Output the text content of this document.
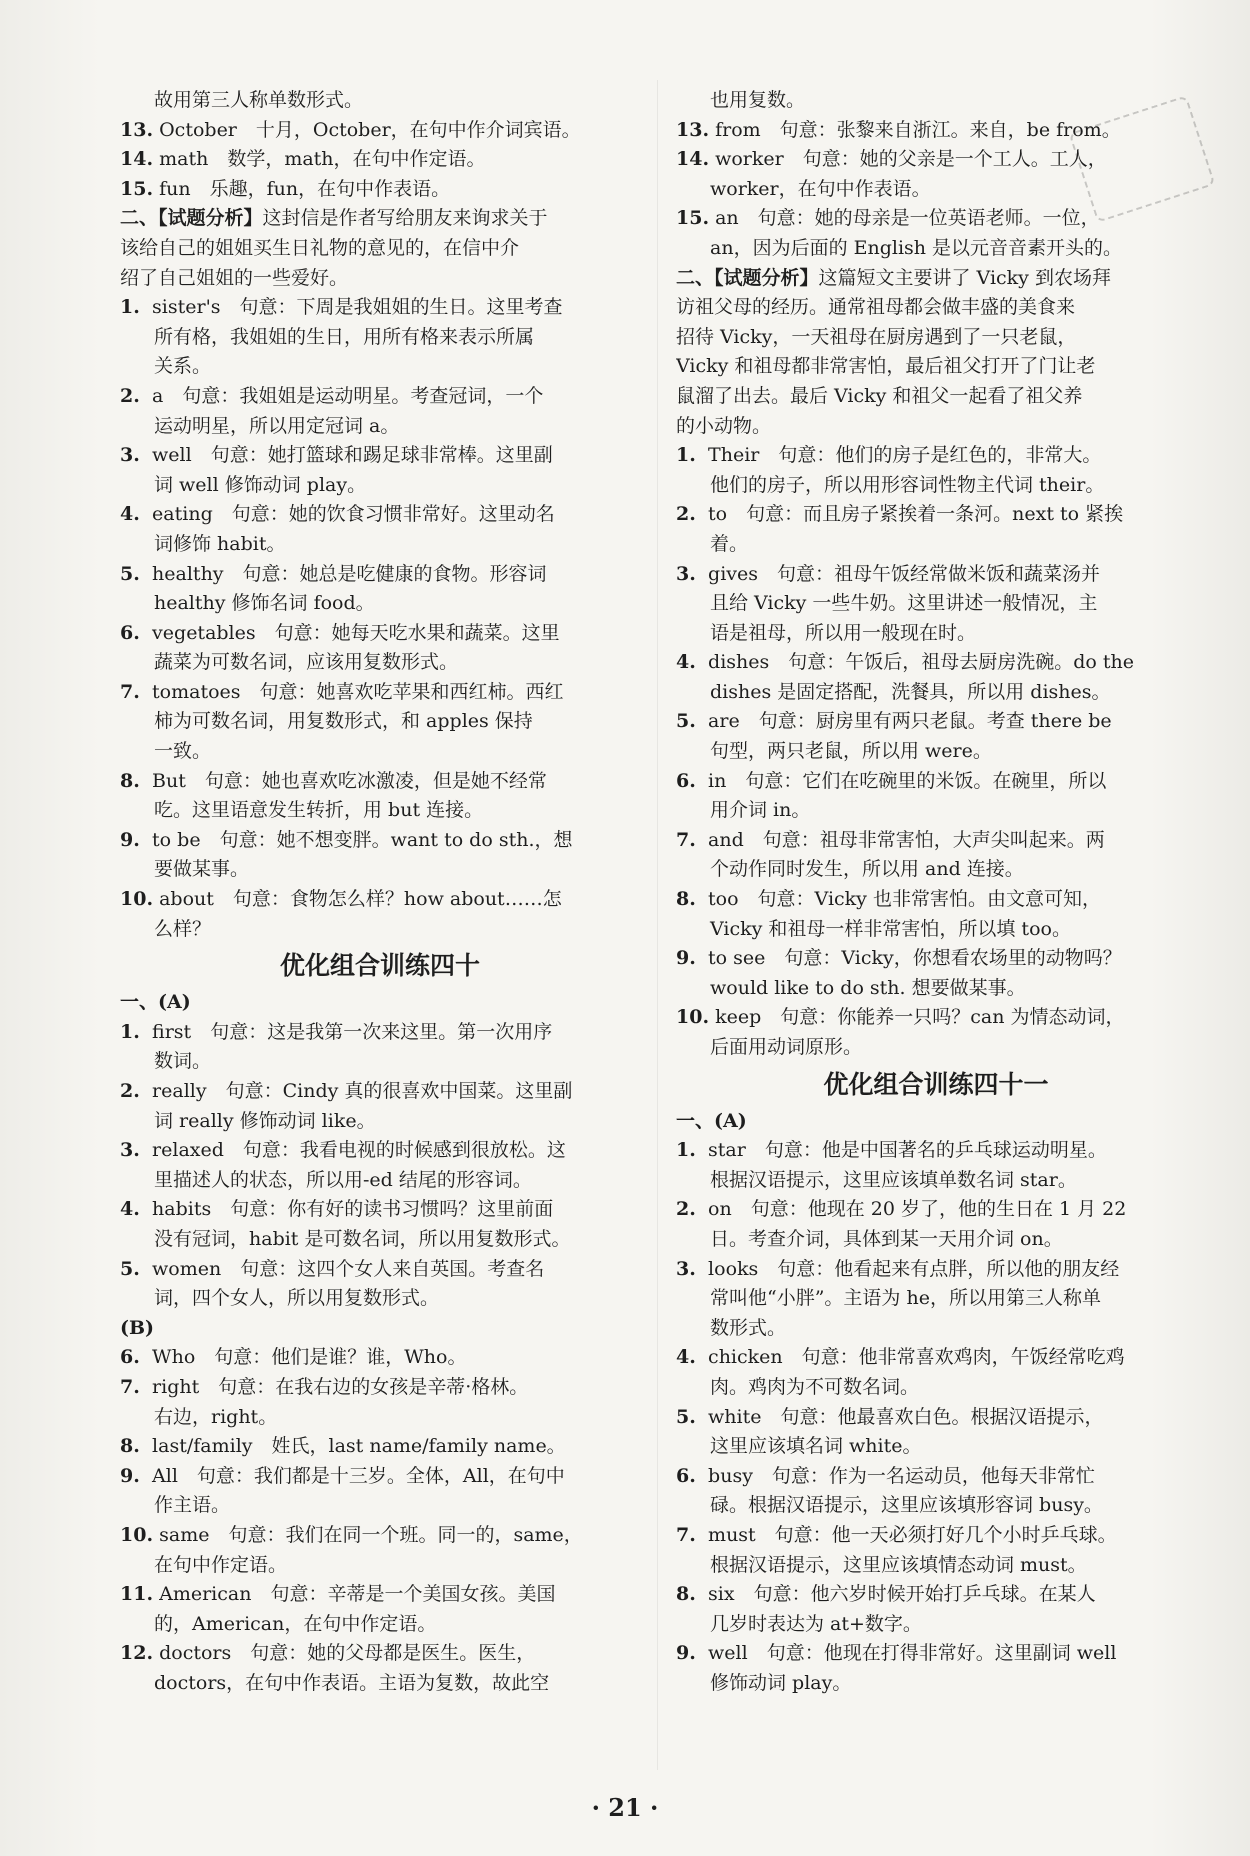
故用第三人称单数形式。
13. October　十月，October，在句中作介词宾语。
14. math　数学，math，在句中作定语。
15. fun　乐趣，fun，在句中作表语。
二、【试题分析】这封信是作者写给朋友来询求关于
该给自己的姐姐买生日礼物的意见的，在信中介
绍了自己姐姐的一些爱好。
1. sister's　句意：下周是我姐姐的生日。这里考查
所有格，我姐姐的生日，用所有格来表示所属
关系。
2. a　句意：我姐姐是运动明星。考查冠词，一个
运动明星，所以用定冠词 a。
3. well　句意：她打篮球和踢足球非常棒。这里副
词 well 修饰动词 play。
4. eating　句意：她的饮食习惯非常好。这里动名
词修饰 habit。
5. healthy　句意：她总是吃健康的食物。形容词
healthy 修饰名词 food。
6. vegetables　句意：她每天吃水果和蔬菜。这里
蔬菜为可数名词，应该用复数形式。
7. tomatoes　句意：她喜欢吃苹果和西红柿。西红
柿为可数名词，用复数形式，和 apples 保持
一致。
8. But　句意：她也喜欢吃冰激凌，但是她不经常
吃。这里语意发生转折，用 but 连接。
9. to be　句意：她不想变胖。want to do sth.，想
要做某事。
10. about　句意：食物怎么样？how about……怎
么样？
优化组合训练四十
一、(A)
1. first　句意：这是我第一次来这里。第一次用序
数词。
2. really　句意：Cindy 真的很喜欢中国菜。这里副
词 really 修饰动词 like。
3. relaxed　句意：我看电视的时候感到很放松。这
里描述人的状态，所以用-ed 结尾的形容词。
4. habits　句意：你有好的读书习惯吗？这里前面
没有冠词，habit 是可数名词，所以用复数形式。
5. women　句意：这四个女人来自英国。考查名
词，四个女人，所以用复数形式。
(B)
6. Who　句意：他们是谁？谁，Who。
7. right　句意：在我右边的女孩是辛蒂·格林。
右边，right。
8. last/family　姓氏，last name/family name。
9. All　句意：我们都是十三岁。全体，All，在句中
作主语。
10. same　句意：我们在同一个班。同一的，same，
在句中作定语。
11. American　句意：辛蒂是一个美国女孩。美国
的，American，在句中作定语。
12. doctors　句意：她的父母都是医生。医生，
doctors，在句中作表语。主语为复数，故此空
也用复数。
13. from　句意：张黎来自浙江。来自，be from。
14. worker　句意：她的父亲是一个工人。工人，
worker，在句中作表语。
15. an　句意：她的母亲是一位英语老师。一位，
an，因为后面的 English 是以元音音素开头的。
二、【试题分析】这篇短文主要讲了 Vicky 到农场拜
访祖父母的经历。通常祖母都会做丰盛的美食来
招待 Vicky，一天祖母在厨房遇到了一只老鼠，
Vicky 和祖母都非常害怕，最后祖父打开了门让老
鼠溜了出去。最后 Vicky 和祖父一起看了祖父养
的小动物。
1. Their　句意：他们的房子是红色的，非常大。
他们的房子，所以用形容词性物主代词 their。
2. to　句意：而且房子紧挨着一条河。next to 紧挨
着。
3. gives　句意：祖母午饭经常做米饭和蔬菜汤并
且给 Vicky 一些牛奶。这里讲述一般情况，主
语是祖母，所以用一般现在时。
4. dishes　句意：午饭后，祖母去厨房洗碗。do the
dishes 是固定搭配，洗餐具，所以用 dishes。
5. are　句意：厨房里有两只老鼠。考查 there be
句型，两只老鼠，所以用 were。
6. in　句意：它们在吃碗里的米饭。在碗里，所以
用介词 in。
7. and　句意：祖母非常害怕，大声尖叫起来。两
个动作同时发生，所以用 and 连接。
8. too　句意：Vicky 也非常害怕。由文意可知，
Vicky 和祖母一样非常害怕，所以填 too。
9. to see　句意：Vicky，你想看农场里的动物吗？
would like to do sth. 想要做某事。
10. keep　句意：你能养一只吗？can 为情态动词，
后面用动词原形。
优化组合训练四十一
一、(A)
1. star　句意：他是中国著名的乒乓球运动明星。
根据汉语提示，这里应该填单数名词 star。
2. on　句意：他现在 20 岁了，他的生日在 1 月 22
日。考查介词，具体到某一天用介词 on。
3. looks　句意：他看起来有点胖，所以他的朋友经
常叫他“小胖”。主语为 he，所以用第三人称单
数形式。
4. chicken　句意：他非常喜欢鸡肉，午饭经常吃鸡
肉。鸡肉为不可数名词。
5. white　句意：他最喜欢白色。根据汉语提示，
这里应该填名词 white。
6. busy　句意：作为一名运动员，他每天非常忙
碌。根据汉语提示，这里应该填形容词 busy。
7. must　句意：他一天必须打好几个小时乒乓球。
根据汉语提示，这里应该填情态动词 must。
8. six　句意：他六岁时候开始打乒乓球。在某人
几岁时表达为 at+数字。
9. well　句意：他现在打得非常好。这里副词 well
修饰动词 play。
· 21 ·
